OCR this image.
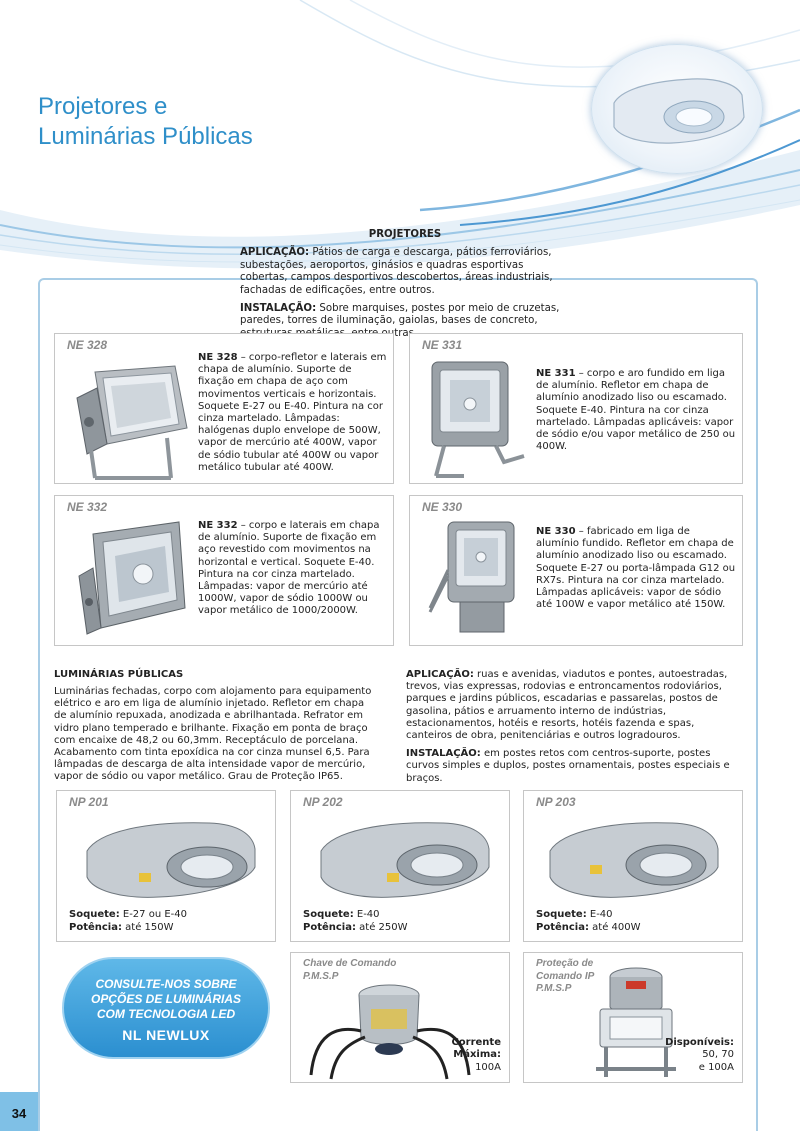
Projetores e
Luminárias Públicas
PROJETORES

APLICAÇÃO: Pátios de carga e descarga, pátios ferroviários, subestações, aeroportos, ginásios e quadras esportivas cobertas, campos desportivos descobertos, áreas industriais, fachadas de edificações, entre outros.

INSTALAÇÃO: Sobre marquises, postes por meio de cruzetas, paredes, torres de iluminação, gaiolas, bases de concreto, outras.

NE 328
NE 328 – corpo-refletor e laterais em chapa de alumínio. Suporte de fixação em chapa de aço com movimentos verticais e horizontais. Soquete E-27 ou E-40. Pintura na cor cinza martelado. Lâmpadas: halógenas duplo envelope de 500W, vapor de mercúrio até 400W, vapor de sódio tubular até 400W ou vapor metálico tubular até 400W.
NE 331
NE 331 – corpo e aro fundido em liga de alumínio. Refletor em chapa de alumínio anodizado liso ou escamado. Soquete E-40. Pintura na cor cinza martelado. Lâmpadas aplicáveis: vapor de sódio e/ou vapor metálico de 250 ou 400W.
NE 332
NE 332 – corpo e laterais em chapa de alumínio. Suporte de fixação em aço revestido com movimentos na horizontal e vertical. Soquete E-40. Pintura na cor cinza martelado. Lâmpadas: vapor de mercúrio até 1000W, vapor de sódio 1000W ou vapor metálico de 1000/2000W.
NE 330
NE 330 – fabricado em liga de alumínio fundido. Refletor em chapa de alumínio anodizado liso ou escamado. Soquete E-27 ou porta-lâmpada G12 ou RX7s. Pintura na cor cinza martelado. Lâmpadas aplicáveis: vapor de sódio até 100W e vapor metálico até 150W.
LUMINÁRIAS PÚBLICAS

Luminárias fechadas, corpo com alojamento para equipamento elétrico e aro em liga de alumínio injetado. Refletor em chapa de alumínio repuxada, anodizada e abrilhantada. Refrator em vidro plano temperado e brilhante. Fixação em ponta de braço com encaixe de 48,2 ou 60,3mm. Receptáculo de porcelana. Acabamento com tinta epoxídica na cor cinza munsel 6,5. Para lâmpadas de descarga de alta intensidade vapor de mercúrio, vapor de sódio ou vapor metálico. Grau de Proteção IP65.

APLICAÇÃO: ruas e avenidas, viadutos e pontes, autoestradas, trevos, vias expressas, rodovias e entroncamentos rodoviários, parques e jardins públicos, escadarias e passarelas, postos de gasolina, pátios e arruamento interno de indústrias, estacionamentos, hotéis e resorts, hotéis fazenda e spas, canteiros de obra, penitenciárias e outros logradouros.

INSTALAÇÃO: em postes retos com centros-suporte, postes curvos simples e duplos, postes ornamentais, postes especiais e braços.

NP 201
Soquete: E-27 ou E-40
Potência: até 150W
NP 202
Soquete: E-40
Potência: até 250W
NP 203
Soquete: E-40
Potência: até 400W
CONSULTE-NOS SOBRE
OPÇÕES DE LUMINÁRIAS
COM TECNOLOGIA LED
NL NEWLUX
Chave de Comando
P.M.S.P
Corrente
Máxima:
100A
Proteção de
Comando IP
P.M.S.P
Disponíveis:
50, 70
e 100A
34
